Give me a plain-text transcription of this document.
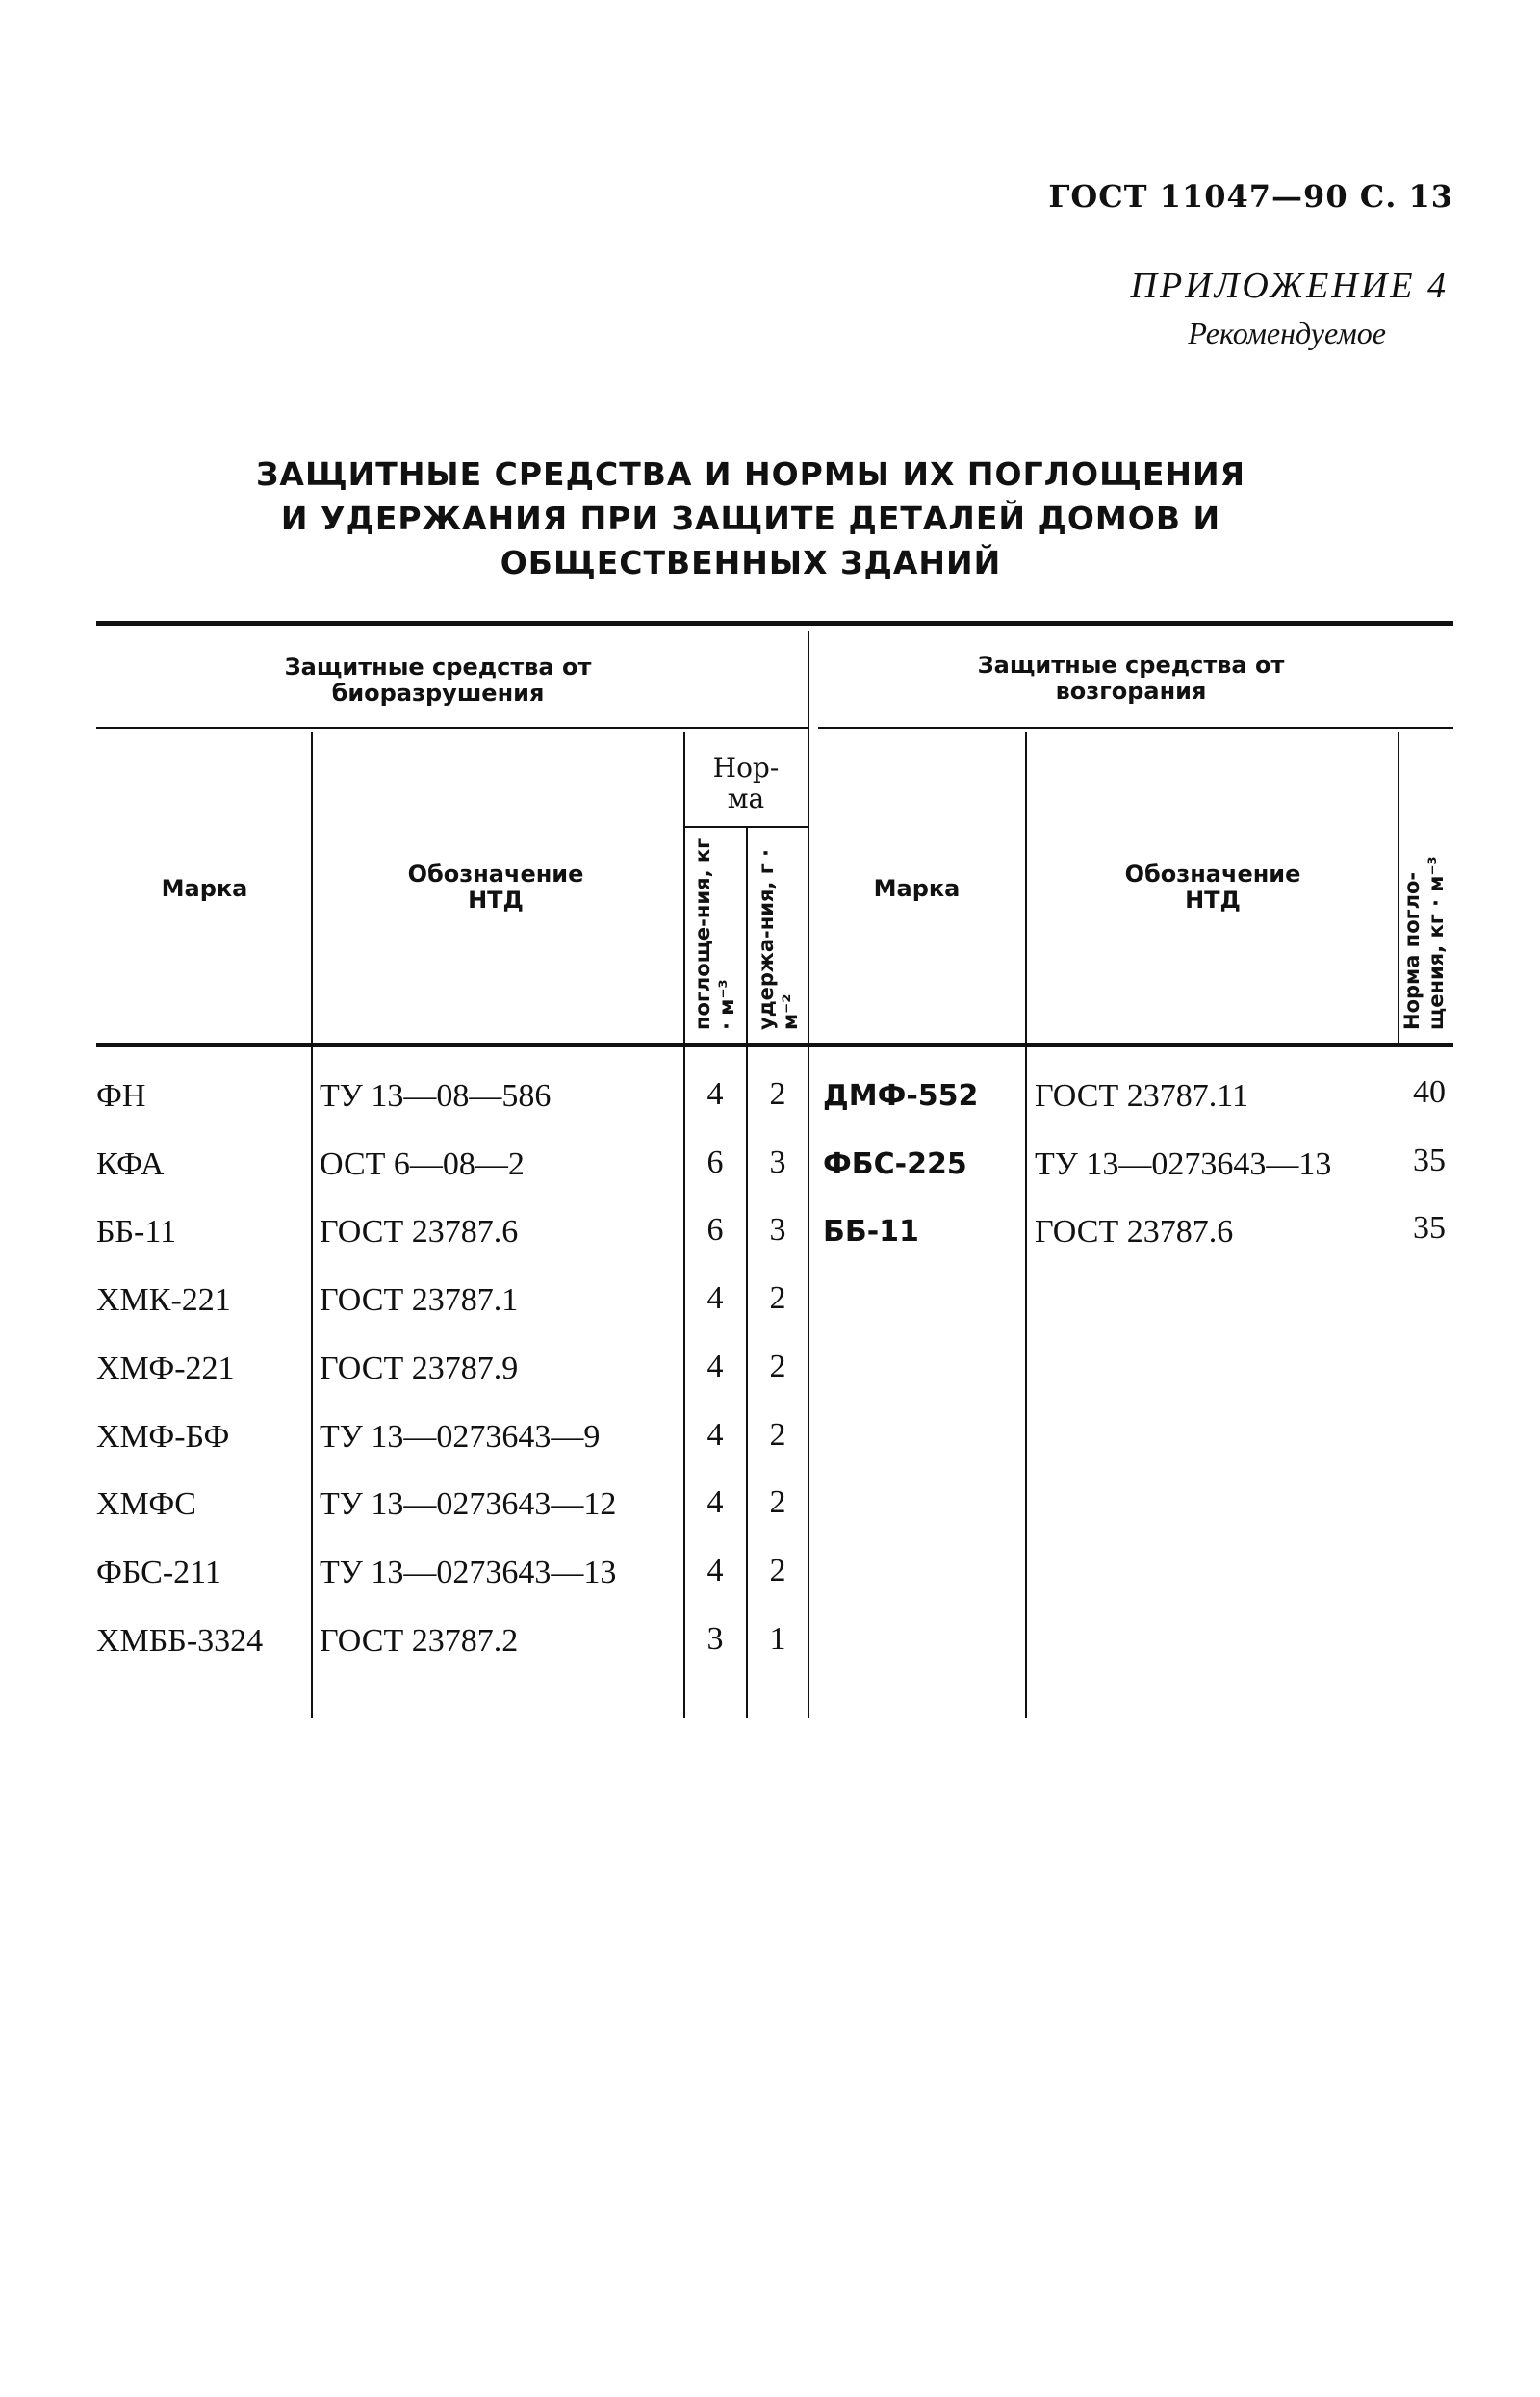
ГОСТ 11047—90 С. 13
ПРИЛОЖЕНИЕ 4
Рекомендуемое
ЗАЩИТНЫЕ СРЕДСТВА И НОРМЫ ИХ ПОГЛОЩЕНИЯ
И УДЕРЖАНИЯ ПРИ ЗАЩИТЕ ДЕТАЛЕЙ ДОМОВ И
ОБЩЕСТВЕННЫХ ЗДАНИЙ
Защитные средства от биоразрушения
Защитные средства от возгорания
Марка
Обозначение НТД
Нор-ма
поглоще-ния, кг · м⁻³ удержа-ния, г · м⁻²
Марка
Обозначение НТД	Норма погло-щения, кг · м⁻³
ФН	ТУ 13—08—586	4	2
КФА	ОСТ 6—08—2	6	3
ББ-11	ГОСТ 23787.6	6	3
ХМК-221	ГОСТ 23787.1	4	2
ХМФ-221	ГОСТ 23787.9	4	2
ХМФ-БФ	ТУ 13—0273643—9	4	2
ХМФС	ТУ 13—0273643—12	4	2
ФБС-211	ТУ 13—0273643—13	4	2
ХМББ-3324 ГОСТ 23787.2	3	1
ДМФ-552 ГОСТ 23787.11	40
ФБС-225 ТУ 13—0273643—13	35
ББ-11	ГОСТ 23787.6	35
